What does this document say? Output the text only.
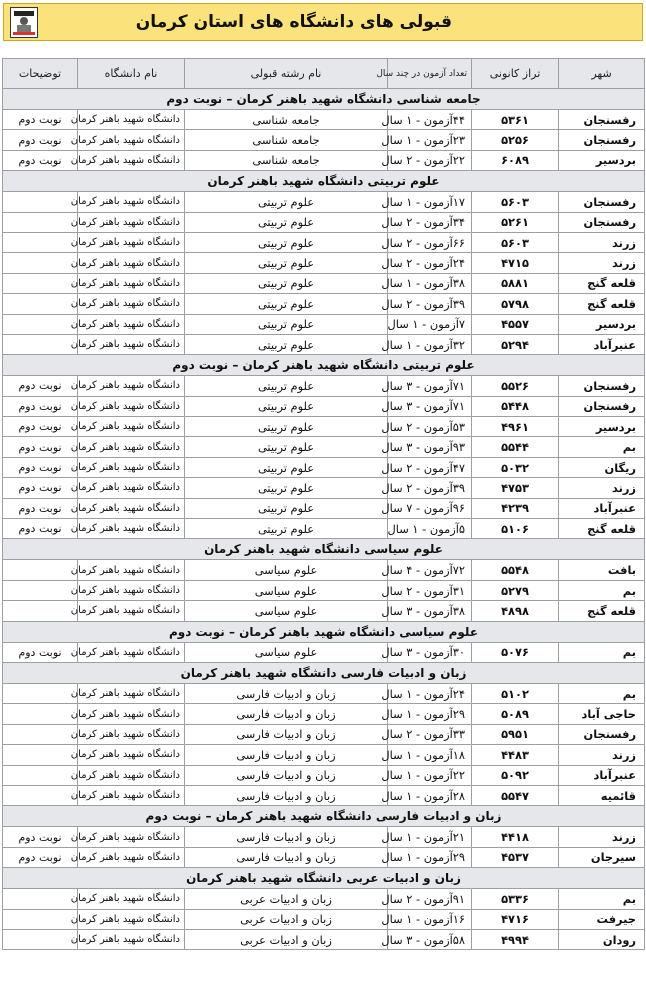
قبولی های دانشگاه های استان کرمان
شهر	تراز کانونی	تعداد آزمون در چند سال	نام رشته قبولی	نام دانشگاه	توضیحات
جامعه شناسی دانشگاه شهید باهنر کرمان – نوبت دوم					
رفسنجان	۵۳۶۱	۴۴آزمون - ۱ سال	جامعه شناسی	دانشگاه شهید باهنر کرمان	نوبت دوم
رفسنجان	۵۲۵۶	۲۳آزمون - ۱ سال	جامعه شناسی	دانشگاه شهید باهنر کرمان	نوبت دوم
بردسیر	۶۰۸۹	۲۲آزمون - ۲ سال	جامعه شناسی	دانشگاه شهید باهنر کرمان	نوبت دوم
علوم تربیتی دانشگاه شهید باهنر کرمان					
رفسنجان	۵۶۰۳	۱۷آزمون - ۱ سال	علوم تربیتی	دانشگاه شهید باهنر کرمان	
رفسنجان	۵۲۶۱	۳۴آزمون - ۲ سال	علوم تربیتی	دانشگاه شهید باهنر کرمان	
زرند	۵۶۰۳	۶۶آزمون - ۲ سال	علوم تربیتی	دانشگاه شهید باهنر کرمان	
زرند	۴۷۱۵	۲۴آزمون - ۲ سال	علوم تربیتی	دانشگاه شهید باهنر کرمان	
قلعه گنج	۵۸۸۱	۳۸آزمون - ۱ سال	علوم تربیتی	دانشگاه شهید باهنر کرمان	
قلعه گنج	۵۷۹۸	۳۹آزمون - ۲ سال	علوم تربیتی	دانشگاه شهید باهنر کرمان	
بردسیر	۴۵۵۷	۷آزمون - ۱ سال	علوم تربیتی	دانشگاه شهید باهنر کرمان	
عنبرآباد	۵۲۹۴	۳۲آزمون - ۱ سال	علوم تربیتی	دانشگاه شهید باهنر کرمان	
علوم تربیتی دانشگاه شهید باهنر کرمان – نوبت دوم					
رفسنجان	۵۵۲۶	۷۱آزمون - ۳ سال	علوم تربیتی	دانشگاه شهید باهنر کرمان	نوبت دوم
رفسنجان	۵۴۴۸	۷۱آزمون - ۳ سال	علوم تربیتی	دانشگاه شهید باهنر کرمان	نوبت دوم
بردسیر	۴۹۶۱	۵۳آزمون - ۲ سال	علوم تربیتی	دانشگاه شهید باهنر کرمان	نوبت دوم
بم	۵۵۴۴	۹۳آزمون - ۳ سال	علوم تربیتی	دانشگاه شهید باهنر کرمان	نوبت دوم
ریگان	۵۰۳۲	۴۷آزمون - ۲ سال	علوم تربیتی	دانشگاه شهید باهنر کرمان	نوبت دوم
زرند	۴۷۵۳	۳۹آزمون - ۲ سال	علوم تربیتی	دانشگاه شهید باهنر کرمان	نوبت دوم
عنبرآباد	۴۲۳۹	۹۶آزمون - ۷ سال	علوم تربیتی	دانشگاه شهید باهنر کرمان	نوبت دوم
قلعه گنج	۵۱۰۶	۵آزمون - ۱ سال	علوم تربیتی	دانشگاه شهید باهنر کرمان	نوبت دوم
علوم سیاسی دانشگاه شهید باهنر کرمان					
بافت	۵۵۴۸	۷۲آزمون - ۴ سال	علوم سیاسی	دانشگاه شهید باهنر کرمان	
بم	۵۲۷۹	۳۱آزمون - ۲ سال	علوم سیاسی	دانشگاه شهید باهنر کرمان	
قلعه گنج	۴۸۹۸	۳۸آزمون - ۳ سال	علوم سیاسی	دانشگاه شهید باهنر کرمان	
علوم سیاسی دانشگاه شهید باهنر کرمان – نوبت دوم					
بم	۵۰۷۶	۳۰آزمون - ۳ سال	علوم سیاسی	دانشگاه شهید باهنر کرمان	نوبت دوم
زبان و ادبیات فارسی دانشگاه شهید باهنر کرمان					
بم	۵۱۰۲	۲۴آزمون - ۱ سال	زبان و ادبیات فارسی	دانشگاه شهید باهنر کرمان	
حاجی آباد	۵۰۸۹	۲۹آزمون - ۱ سال	زبان و ادبیات فارسی	دانشگاه شهید باهنر کرمان	
رفسنجان	۵۹۵۱	۳۳آزمون - ۲ سال	زبان و ادبیات فارسی	دانشگاه شهید باهنر کرمان	
زرند	۴۴۸۳	۱۸آزمون - ۱ سال	زبان و ادبیات فارسی	دانشگاه شهید باهنر کرمان	
عنبرآباد	۵۰۹۲	۲۲آزمون - ۱ سال	زبان و ادبیات فارسی	دانشگاه شهید باهنر کرمان	
قائمیه	۵۵۴۷	۲۸آزمون - ۱ سال	زبان و ادبیات فارسی	دانشگاه شهید باهنر کرمان	
زبان و ادبیات فارسی دانشگاه شهید باهنر کرمان – نوبت دوم					
زرند	۴۴۱۸	۲۱آزمون - ۱ سال	زبان و ادبیات فارسی	دانشگاه شهید باهنر کرمان	نوبت دوم
سیرجان	۴۵۳۷	۲۹آزمون - ۱ سال	زبان و ادبیات فارسی	دانشگاه شهید باهنر کرمان	نوبت دوم
زبان و ادبیات عربی دانشگاه شهید باهنر کرمان					
بم	۵۳۳۶	۹۱آزمون - ۲ سال	زبان و ادبیات عربی	دانشگاه شهید باهنر کرمان	
جیرفت	۴۷۱۶	۱۶آزمون - ۱ سال	زبان و ادبیات عربی	دانشگاه شهید باهنر کرمان	
رودان	۴۹۹۴	۵۸آزمون - ۳ سال	زبان و ادبیات عربی	دانشگاه شهید باهنر کرمان	
